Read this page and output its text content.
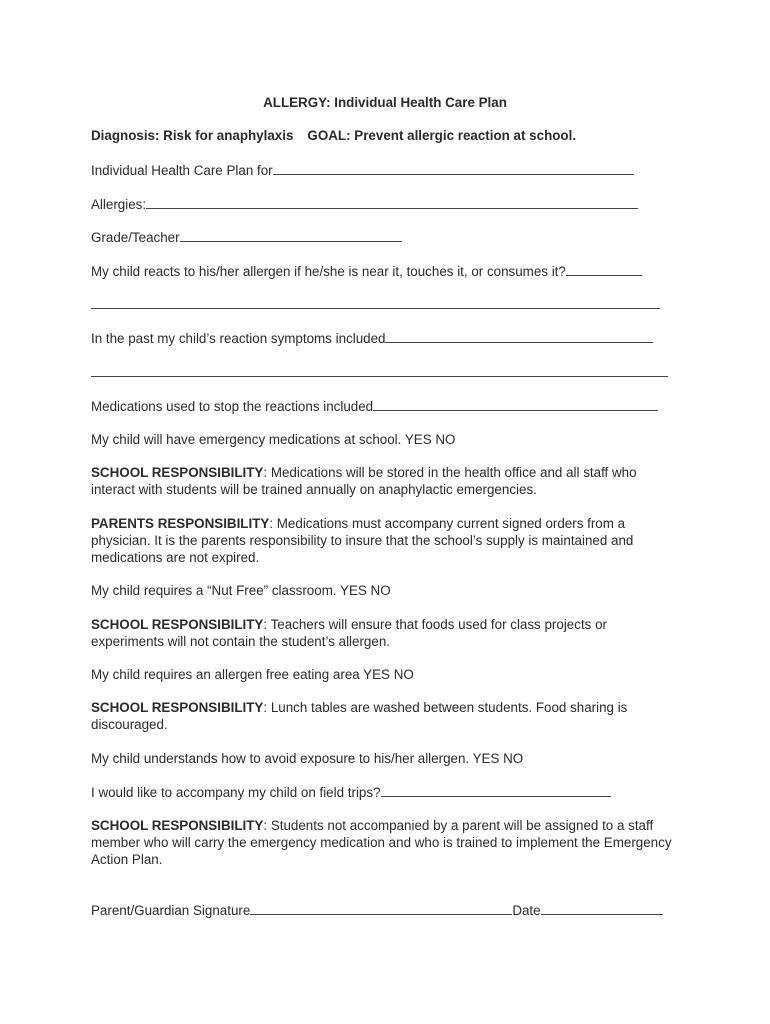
ALLERGY: Individual Health Care Plan
Diagnosis: Risk for anaphylaxis GOAL: Prevent allergic reaction at school.
Individual Health Care Plan for
Allergies:
Grade/Teacher
My child reacts to his/her allergen if he/she is near it, touches it, or consumes it?
In the past my child’s reaction symptoms included
Medications used to stop the reactions included
My child will have emergency medications at school. YES NO
SCHOOL RESPONSIBILITY: Medications will be stored in the health office and all staff who interact with students will be trained annually on anaphylactic emergencies.
PARENTS RESPONSIBILITY: Medications must accompany current signed orders from a physician. It is the parents responsibility to insure that the school’s supply is maintained and medications are not expired.
My child requires a “Nut Free” classroom. YES NO
SCHOOL RESPONSIBILITY: Teachers will ensure that foods used for class projects or experiments will not contain the student’s allergen.
My child requires an allergen free eating area YES NO
SCHOOL RESPONSIBILITY: Lunch tables are washed between students. Food sharing is discouraged.
My child understands how to avoid exposure to his/her allergen. YES NO
I would like to accompany my child on field trips?
SCHOOL RESPONSIBILITY: Students not accompanied by a parent will be assigned to a staff member who will carry the emergency medication and who is trained to implement the Emergency Action Plan.
Parent/Guardian Signature	Date
